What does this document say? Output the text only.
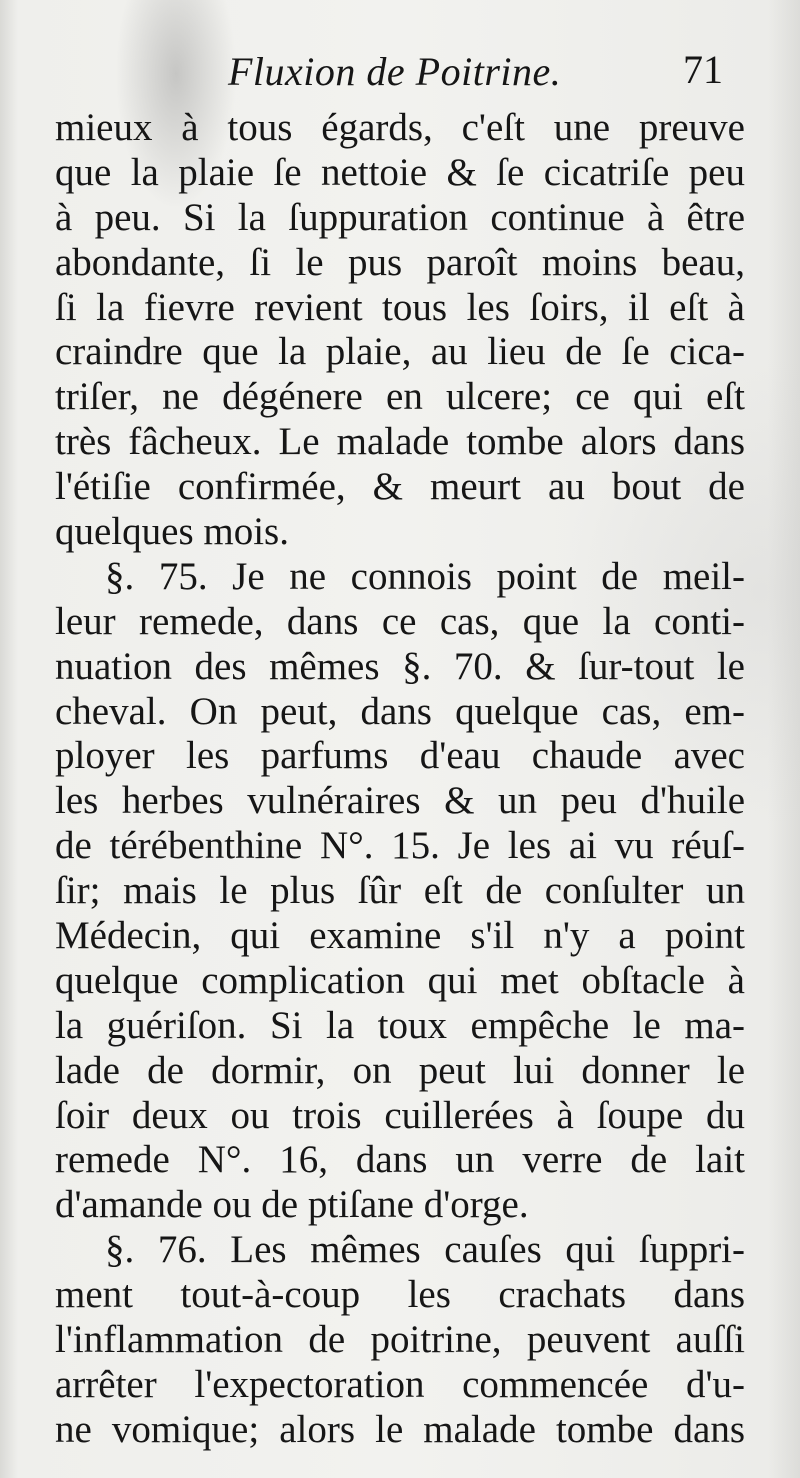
Fluxion de Poitrine.	71
mieux à tous égards, c'eſt une preuve
que la plaie ſe nettoie & ſe cicatriſe peu
à peu. Si la ſuppuration continue à être
abondante, ſi le pus paroît moins beau,
ſi la fievre revient tous les ſoirs, il eſt à
craindre que la plaie, au lieu de ſe cica-
triſer, ne dégénere en ulcere; ce qui eſt
très fâcheux. Le malade tombe alors dans
l'étiſie confirmée, & meurt au bout de
quelques mois.
§. 75. Je ne connois point de meil-
leur remede, dans ce cas, que la conti-
nuation des mêmes §. 70. & ſur-tout le
cheval. On peut, dans quelque cas, em-
ployer les parfums d'eau chaude avec
les herbes vulnéraires & un peu d'huile
de térébenthine N°. 15. Je les ai vu réuſ-
ſir; mais le plus ſûr eſt de conſulter un
Médecin, qui examine s'il n'y a point
quelque complication qui met obſtacle à
la guériſon. Si la toux empêche le ma-
lade de dormir, on peut lui donner le
ſoir deux ou trois cuillerées à ſoupe du
remede N°. 16, dans un verre de lait
d'amande ou de ptiſane d'orge.
§. 76. Les mêmes cauſes qui ſuppri-
ment tout-à-coup les crachats dans
l'inflammation de poitrine, peuvent auſſi
arrêter l'expectoration commencée d'u-
ne vomique; alors le malade tombe dans
